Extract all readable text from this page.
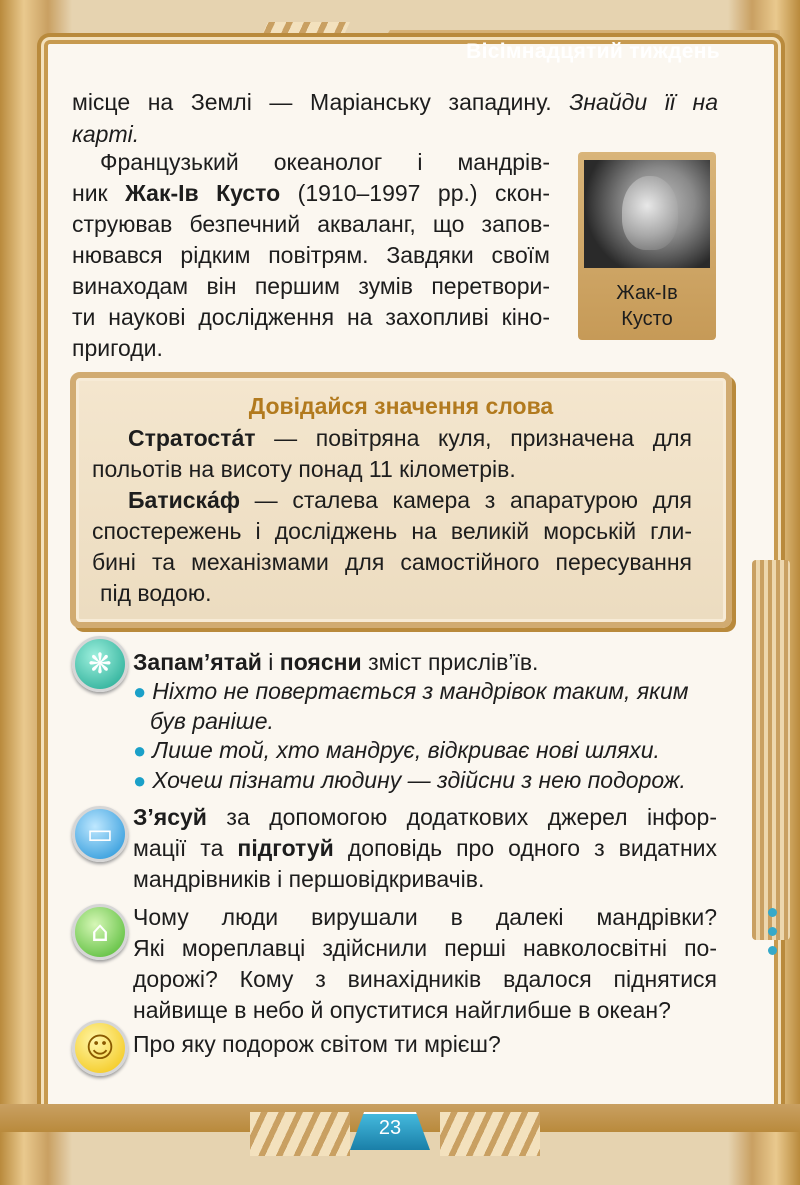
Вісімнадцятий тиждень
місце на Землі — Маріанську западину. Знайди її на
карті.
Французький океанолог і мандрів-
ник Жак-Ів Кусто (1910–1997 рр.) скон-
струював безпечний акваланг, що запов-
нювався рідким повітрям. Завдяки своїм
винаходам він першим зумів перетвори-
ти наукові дослідження на захопливі кіно-
пригоди.
Жак-Ів
Кусто
Довідайся значення слова
Стратоста́т — повітряна куля, призначена для
польотів на висоту понад 11 кілометрів.
Батиска́ф — сталева камера з апаратурою для
спостережень і досліджень на великій морській гли-
бині та механізмами для самостійного пересування
під водою.
❋ Запам’ятай і поясни зміст прислів’їв.
● Ніхто не повертається з мандрівок таким, яким
був раніше.
● Лише той, хто мандрує, відкриває нові шляхи.
● Хочеш пізнати людину — здійсни з нею подорож.
▭ З’ясуй за допомогою додаткових джерел інфор-
мації та підготуй доповідь про одного з видатних
мандрівників і першовідкривачів.
⌂	Чому люди вирушали в далекі мандрівки?
Які мореплавці здійснили перші навколосвітні по-
дорожі? Кому з винахідників вдалося піднятися
найвище в небо й опуститися найглибше в океан?
☺ Про яку подорож світом ти мрієш?
23
